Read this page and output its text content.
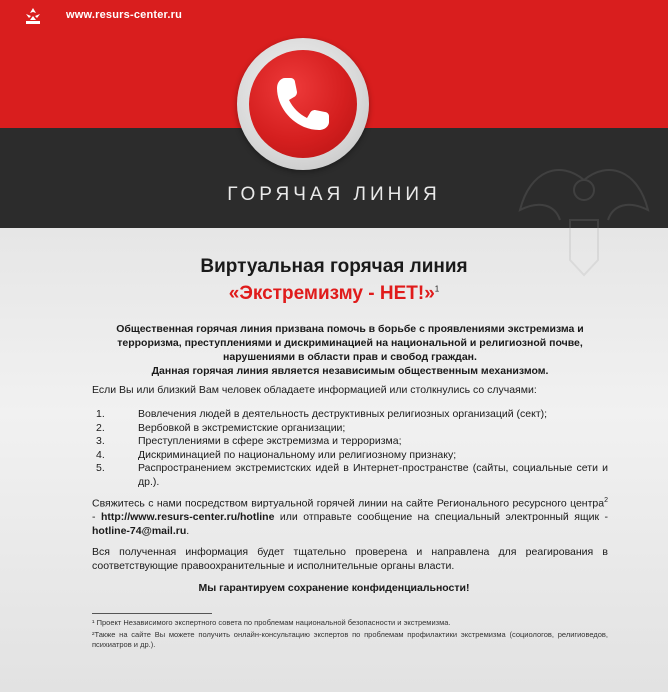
www.resurs-center.ru
ГОРЯЧАЯ ЛИНИЯ
Виртуальная горячая линия
«Экстремизму - НЕТ!»$^1$
Общественная горячая линия призвана помочь в борьбе с проявлениями экстремизма и терроризма, преступлениями и дискриминацией на национальной и религиозной почве, нарушениями в области прав и свобод граждан.
Данная горячая линия является независимым общественным механизмом.
Если Вы или близкий Вам человек обладаете информацией или столкнулись со случаями:
1.	Вовлечения людей в деятельность деструктивных религиозных организаций (сект);
2.	Вербовкой в экстремистские организации;
3.	Преступлениями в сфере экстремизма и терроризма;
4.	Дискриминацией по национальному или религиозному признаку;
5.	Распространением экстремистских идей в Интернет-пространстве (сайты, социальные сети и др.).
Свяжитесь с нами посредством виртуальной горячей линии на сайте Регионального ресурсного центра$^2$ - http://www.resurs-center.ru/hotline или отправьте сообщение на специальный электронный ящик - hotline-74@mail.ru.
Вся полученная информация будет тщательно проверена и направлена для реагирования в соответствующие правоохранительные и исполнительные органы власти.
Мы гарантируем сохранение конфиденциальности!
¹ Проект Независимого экспертного совета по проблемам национальной безопасности и экстремизма.
²Также на сайте Вы можете получить онлайн-консультацию экспертов по проблемам профилактики экстремизма (социологов, религиоведов, психиатров и др.).
